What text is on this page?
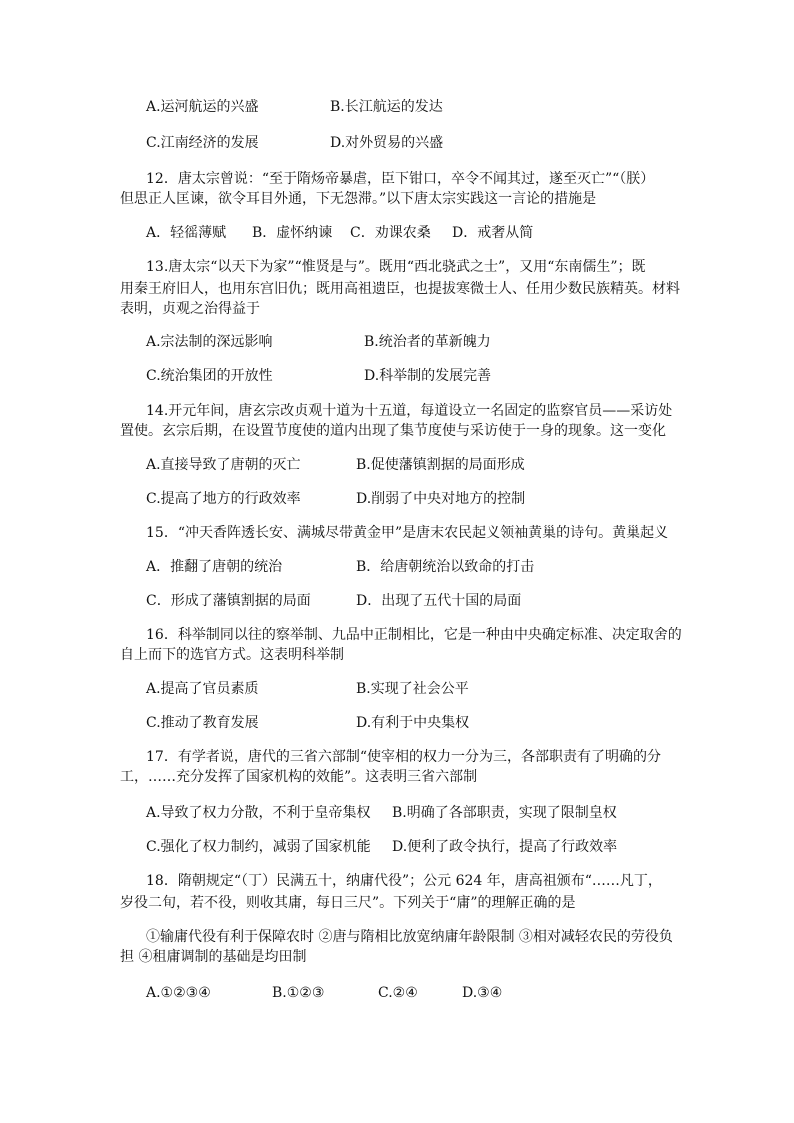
A.运河航运的兴盛	B.长江航运的发达
C.江南经济的发展	D.对外贸易的兴盛
12．唐太宗曾说：“至于隋炀帝暴虐，臣下钳口，卒令不闻其过，遂至灭亡”“（朕）
但思正人匡谏，欲令耳目外通，下无怨滞。”以下唐太宗实践这一言论的措施是
A．轻徭薄赋 B．虚怀纳谏 C．劝课农桑 D．戒奢从简
13.唐太宗“以天下为家”“惟贤是与”。既用“西北骁武之士”，又用“东南儒生”；既
用秦王府旧人，也用东宫旧仇；既用高祖遗臣，也提拔寒微士人、任用少数民族精英。材料
表明，贞观之治得益于
A.宗法制的深远影响	B.统治者的革新魄力
C.统治集团的开放性	D.科举制的发展完善
14.开元年间，唐玄宗改贞观十道为十五道，每道设立一名固定的监察官员——采访处
置使。玄宗后期，在设置节度使的道内出现了集节度使与采访使于一身的现象。这一变化
A.直接导致了唐朝的灭亡	B.促使藩镇割据的局面形成
C.提高了地方的行政效率	D.削弱了中央对地方的控制
15．“冲天香阵透长安、满城尽带黄金甲”是唐末农民起义领袖黄巢的诗句。黄巢起义
A．推翻了唐朝的统治	B．给唐朝统治以致命的打击
C．形成了藩镇割据的局面	D．出现了五代十国的局面
16．科举制同以往的察举制、九品中正制相比，它是一种由中央确定标准、决定取舍的
自上而下的选官方式。这表明科举制
A.提高了官员素质	B.实现了社会公平
C.推动了教育发展	D.有利于中央集权
17．有学者说，唐代的三省六部制“使宰相的权力一分为三，各部职责有了明确的分
工，……充分发挥了国家机构的效能”。这表明三省六部制
A.导致了权力分散，不利于皇帝集权 B.明确了各部职责，实现了限制皇权
C.强化了权力制约，减弱了国家机能 D.便利了政令执行，提高了行政效率
18．隋朝规定“（丁）民满五十，纳庸代役”；公元 624 年，唐高祖颁布“……凡丁，
岁役二旬，若不役，则收其庸，每日三尺”。下列关于“庸”的理解正确的是
①输庸代役有利于保障农时 ②唐与隋相比放宽纳庸年龄限制 ③相对减轻农民的劳役负
担 ④租庸调制的基础是均田制
A.①②③④	B.①②③	C.②④	D.③④
